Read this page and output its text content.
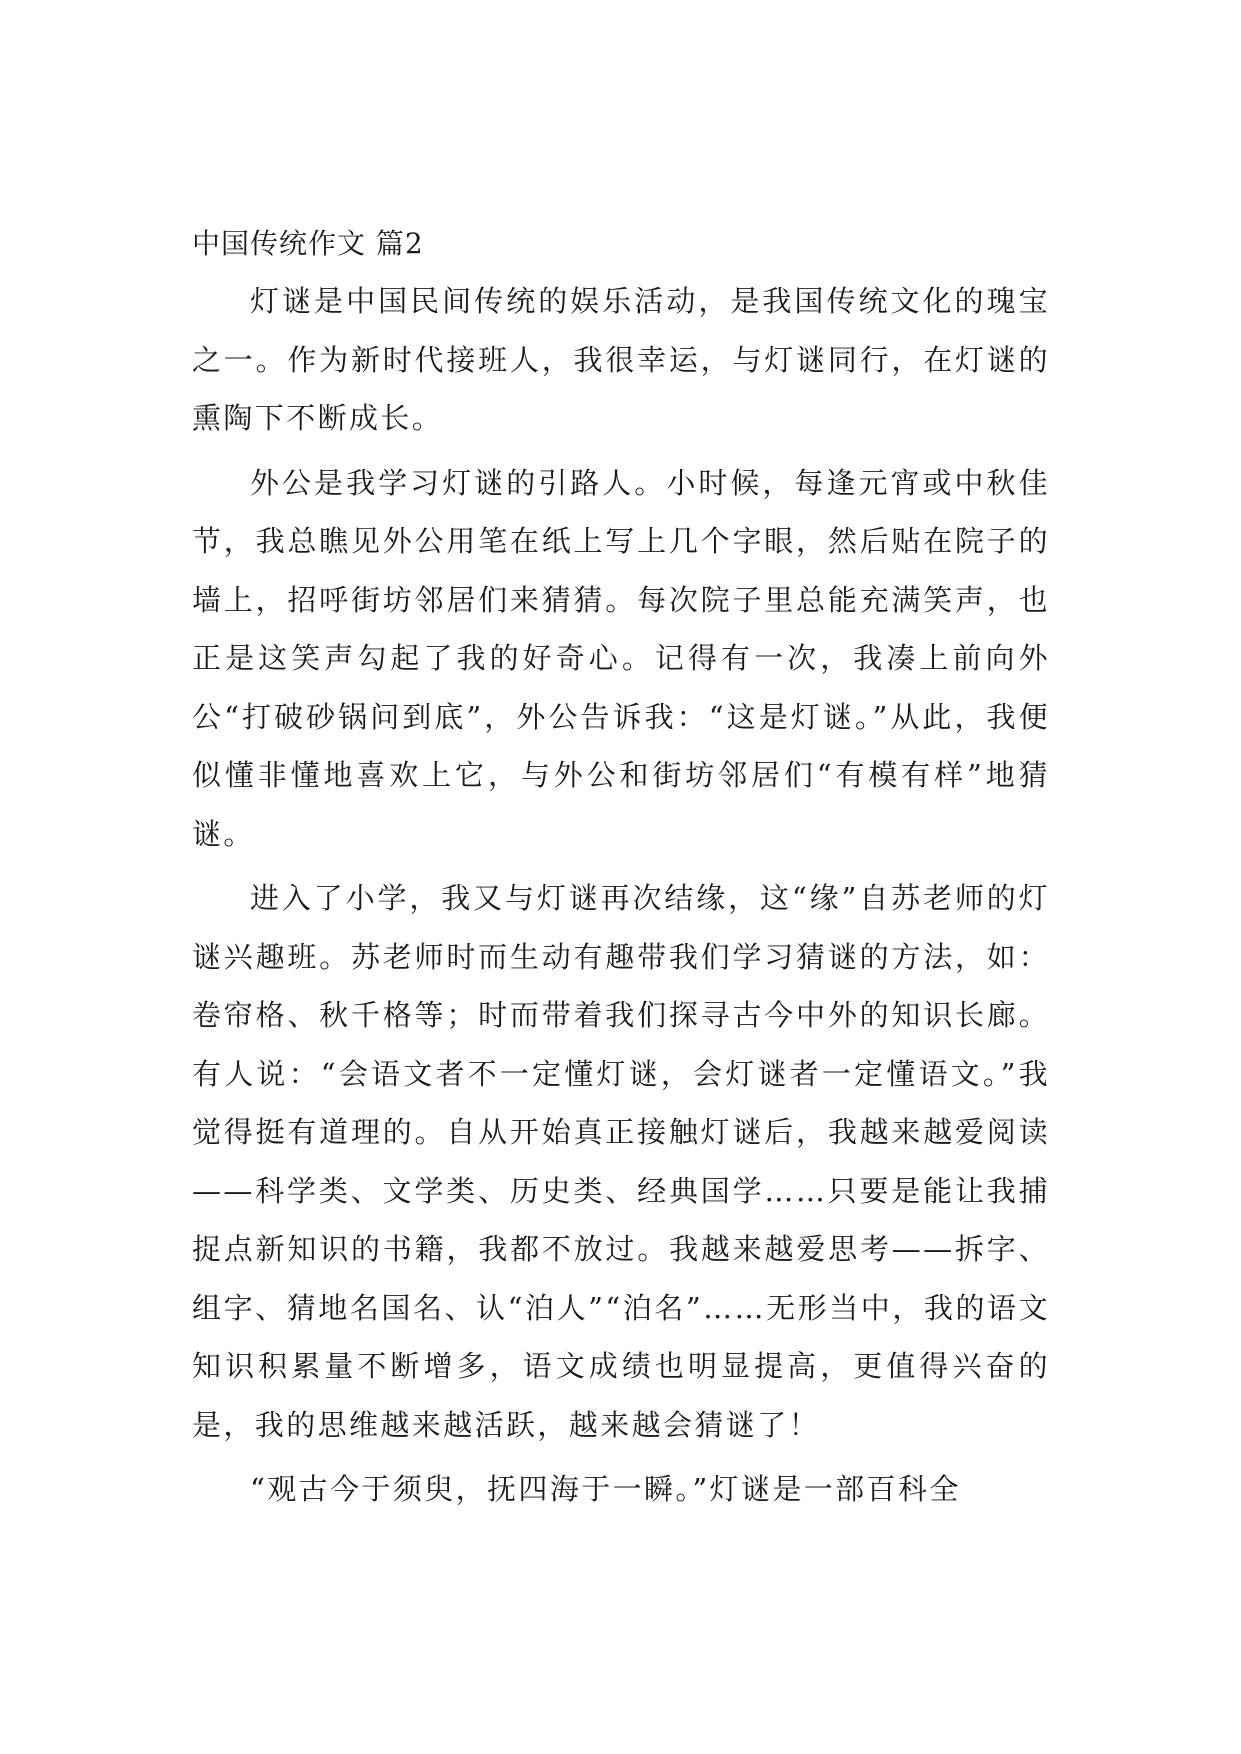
中国传统作文 篇2

灯谜是中国民间传统的娱乐活动，是我国传统文化的瑰宝之一。作为新时代接班人，我很幸运，与灯谜同行，在灯谜的熏陶下不断成长。

外公是我学习灯谜的引路人。小时候，每逢元宵或中秋佳节，我总瞧见外公用笔在纸上写上几个字眼，然后贴在院子的墙上，招呼街坊邻居们来猜猜。每次院子里总能充满笑声，也正是这笑声勾起了我的好奇心。记得有一次，我凑上前向外公“打破砂锅问到底”，外公告诉我：“这是灯谜。”从此，我便似懂非懂地喜欢上它，与外公和街坊邻居们“有模有样”地猜谜。

进入了小学，我又与灯谜再次结缘，这“缘”自苏老师的灯谜兴趣班。苏老师时而生动有趣带我们学习猜谜的方法，如：卷帘格、秋千格等；时而带着我们探寻古今中外的知识长廊。有人说：“会语文者不一定懂灯谜，会灯谜者一定懂语文。”我觉得挺有道理的。自从开始真正接触灯谜后，我越来越爱阅读——科学类、文学类、历史类、经典国学……只要是能让我捕捉点新知识的书籍，我都不放过。我越来越爱思考——拆字、组字、猜地名国名、认“泊人”“泊名”……无形当中，我的语文知识积累量不断增多，语文成绩也明显提高，更值得兴奋的是，我的思维越来越活跃，越来越会猜谜了！

“观古今于须臾，抚四海于一瞬。”灯谜是一部百科全
